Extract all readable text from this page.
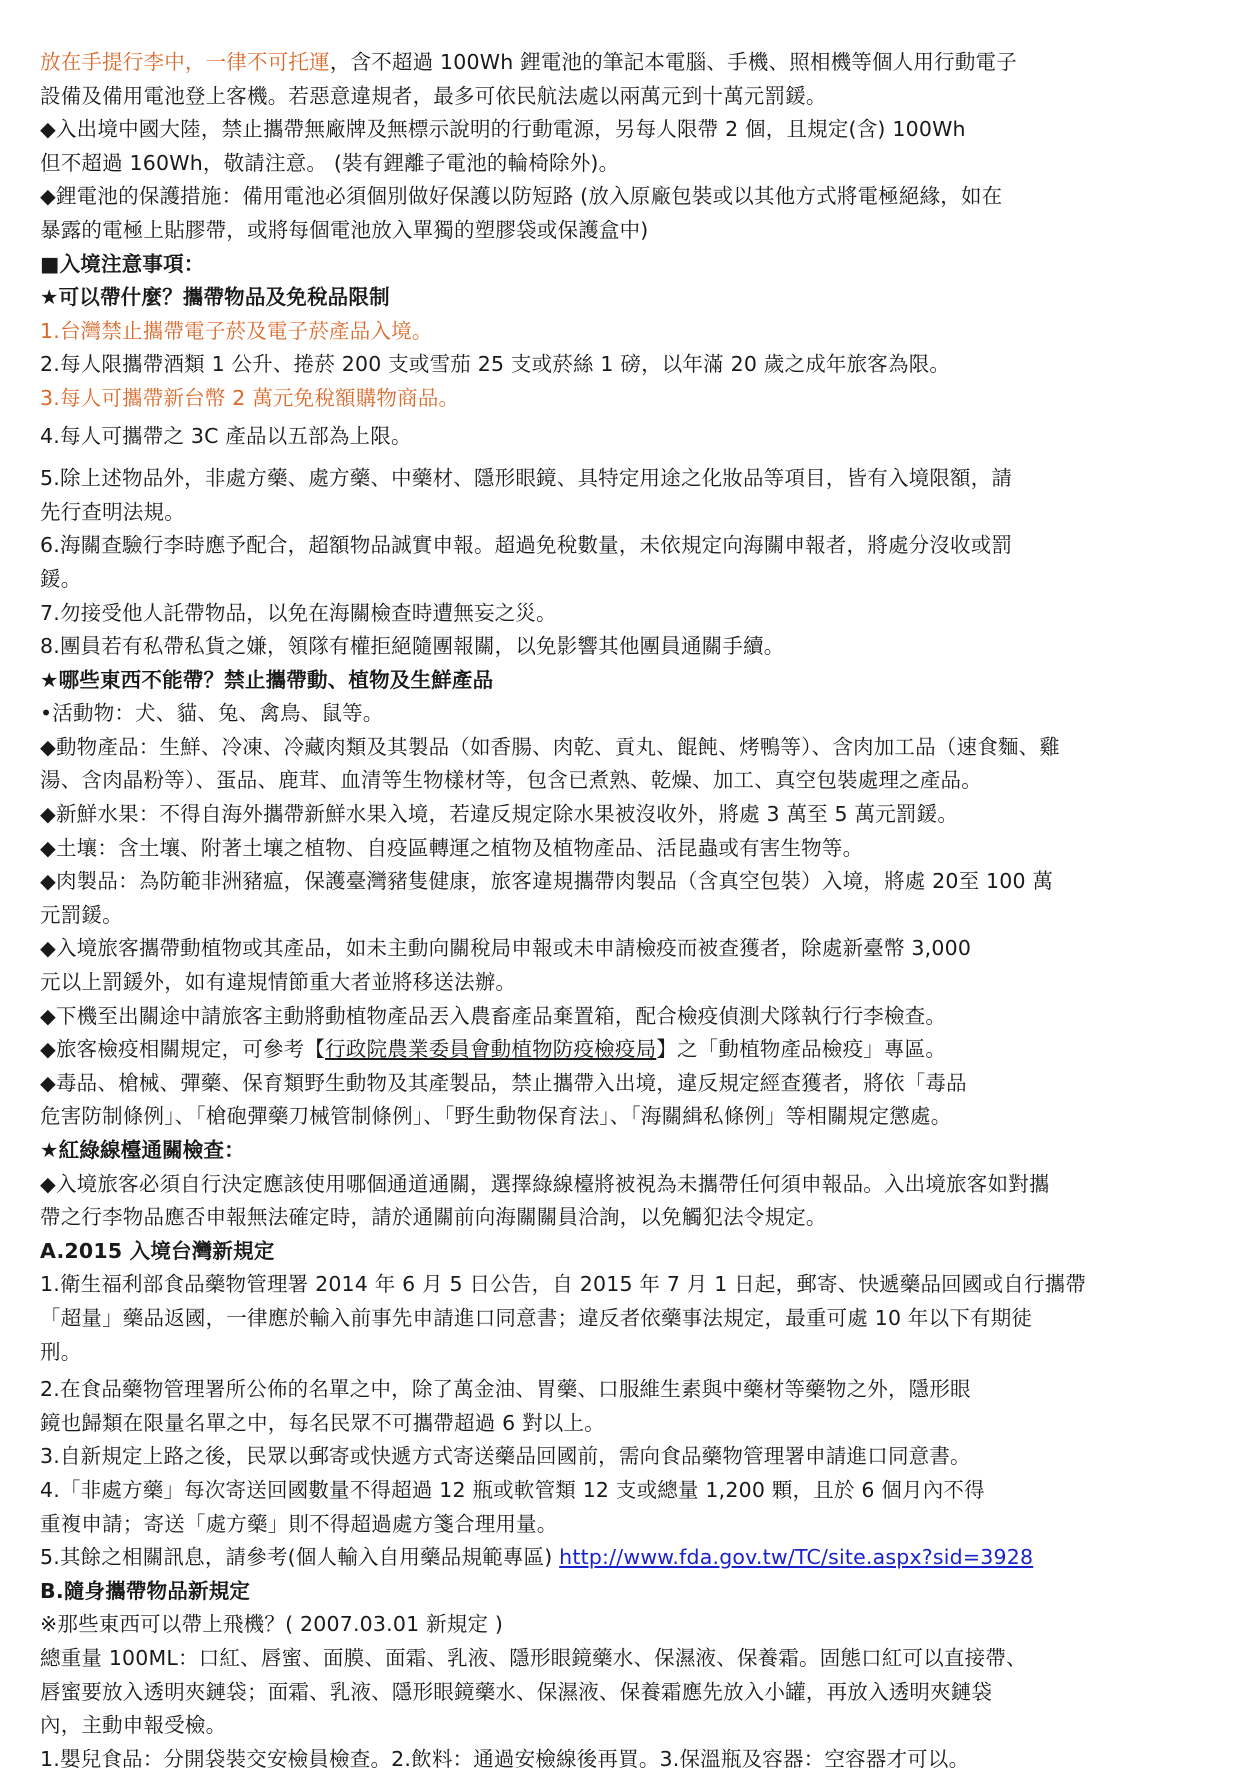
放在手提行李中，一律不可托運，含不超過 100Wh 鋰電池的筆記本電腦、手機、照相機等個人用行動電子
設備及備用電池登上客機。若惡意違規者，最多可依民航法處以兩萬元到十萬元罰鍰。
◆入出境中國大陸，禁止攜帶無廠牌及無標示說明的行動電源，另每人限帶 2 個，且規定(含) 100Wh
但不超過 160Wh，敬請注意。 (裝有鋰離子電池的輪椅除外)。
◆鋰電池的保護措施：備用電池必須個別做好保護以防短路 (放入原廠包裝或以其他方式將電極絕緣，如在
暴露的電極上貼膠帶，或將每個電池放入單獨的塑膠袋或保護盒中)
■入境注意事項：
★可以帶什麼？攜帶物品及免稅品限制
1.台灣禁止攜帶電子菸及電子菸產品入境。
2.每人限攜帶酒類 1 公升、捲菸 200 支或雪茄 25 支或菸絲 1 磅，以年滿 20 歲之成年旅客為限。
3.每人可攜帶新台幣 2 萬元免稅額購物商品。
4.每人可攜帶之 3C 產品以五部為上限。
5.除上述物品外，非處方藥、處方藥、中藥材、隱形眼鏡、具特定用途之化妝品等項目，皆有入境限額，請
先行查明法規。
6.海關查驗行李時應予配合，超額物品誠實申報。超過免稅數量，未依規定向海關申報者，將處分沒收或罰
鍰。
7.勿接受他人託帶物品，以免在海關檢查時遭無妄之災。
8.團員若有私帶私貨之嫌，領隊有權拒絕隨團報關，以免影響其他團員通關手續。
★哪些東西不能帶？禁止攜帶動、植物及生鮮產品
•活動物：犬、貓、兔、禽鳥、鼠等。
◆動物產品：生鮮、冷凍、冷藏肉類及其製品（如香腸、肉乾、貢丸、餛飩、烤鴨等）、含肉加工品（速食麵、雞
湯、含肉晶粉等）、蛋品、鹿茸、血清等生物樣材等，包含已煮熟、乾燥、加工、真空包裝處理之產品。
◆新鮮水果：不得自海外攜帶新鮮水果入境，若違反規定除水果被沒收外，將處 3 萬至 5 萬元罰鍰。
◆土壤：含土壤、附著土壤之植物、自疫區轉運之植物及植物產品、活昆蟲或有害生物等。
◆肉製品：為防範非洲豬瘟，保護臺灣豬隻健康，旅客違規攜帶肉製品（含真空包裝）入境，將處 20至 100 萬
元罰鍰。
◆入境旅客攜帶動植物或其產品，如未主動向關稅局申報或未申請檢疫而被查獲者，除處新臺幣 3,000
元以上罰鍰外，如有違規情節重大者並將移送法辦。
◆下機至出關途中請旅客主動將動植物產品丟入農畜產品棄置箱，配合檢疫偵測犬隊執行行李檢查。
◆旅客檢疫相關規定，可參考【行政院農業委員會動植物防疫檢疫局】之「動植物產品檢疫」專區。
◆毒品、槍械、彈藥、保育類野生動物及其產製品，禁止攜帶入出境，違反規定經查獲者，將依「毒品
危害防制條例」、「槍砲彈藥刀械管制條例」、「野生動物保育法」、「海關緝私條例」等相關規定懲處。
★紅綠線檯通關檢查：
◆入境旅客必須自行決定應該使用哪個通道通關，選擇綠線檯將被視為未攜帶任何須申報品。入出境旅客如對攜
帶之行李物品應否申報無法確定時，請於通關前向海關關員洽詢，以免觸犯法令規定。
A.2015 入境台灣新規定
1.衛生福利部食品藥物管理署 2014 年 6 月 5 日公告，自 2015 年 7 月 1 日起，郵寄、快遞藥品回國或自行攜帶
「超量」藥品返國，一律應於輸入前事先申請進口同意書；違反者依藥事法規定，最重可處 10 年以下有期徒
刑。
2.在食品藥物管理署所公佈的名單之中，除了萬金油、胃藥、口服維生素與中藥材等藥物之外，隱形眼
鏡也歸類在限量名單之中，每名民眾不可攜帶超過 6 對以上。
3.自新規定上路之後，民眾以郵寄或快遞方式寄送藥品回國前，需向食品藥物管理署申請進口同意書。
4.「非處方藥」每次寄送回國數量不得超過 12 瓶或軟管類 12 支或總量 1,200 顆，且於 6 個月內不得
重複申請；寄送「處方藥」則不得超過處方箋合理用量。
5.其餘之相關訊息，請參考(個人輸入自用藥品規範專區) http://www.fda.gov.tw/TC/site.aspx?sid=3928
B.隨身攜帶物品新規定
※那些東西可以帶上飛機？( 2007.03.01 新規定 )
總重量 100ML：口紅、唇蜜、面膜、面霜、乳液、隱形眼鏡藥水、保濕液、保養霜。固態口紅可以直接帶、
唇蜜要放入透明夾鏈袋；面霜、乳液、隱形眼鏡藥水、保濕液、保養霜應先放入小罐，再放入透明夾鏈袋
內，主動申報受檢。
1.嬰兒食品：分開袋裝交安檢員檢查。2.飲料：通過安檢線後再買。3.保溫瓶及容器：空容器才可以。
